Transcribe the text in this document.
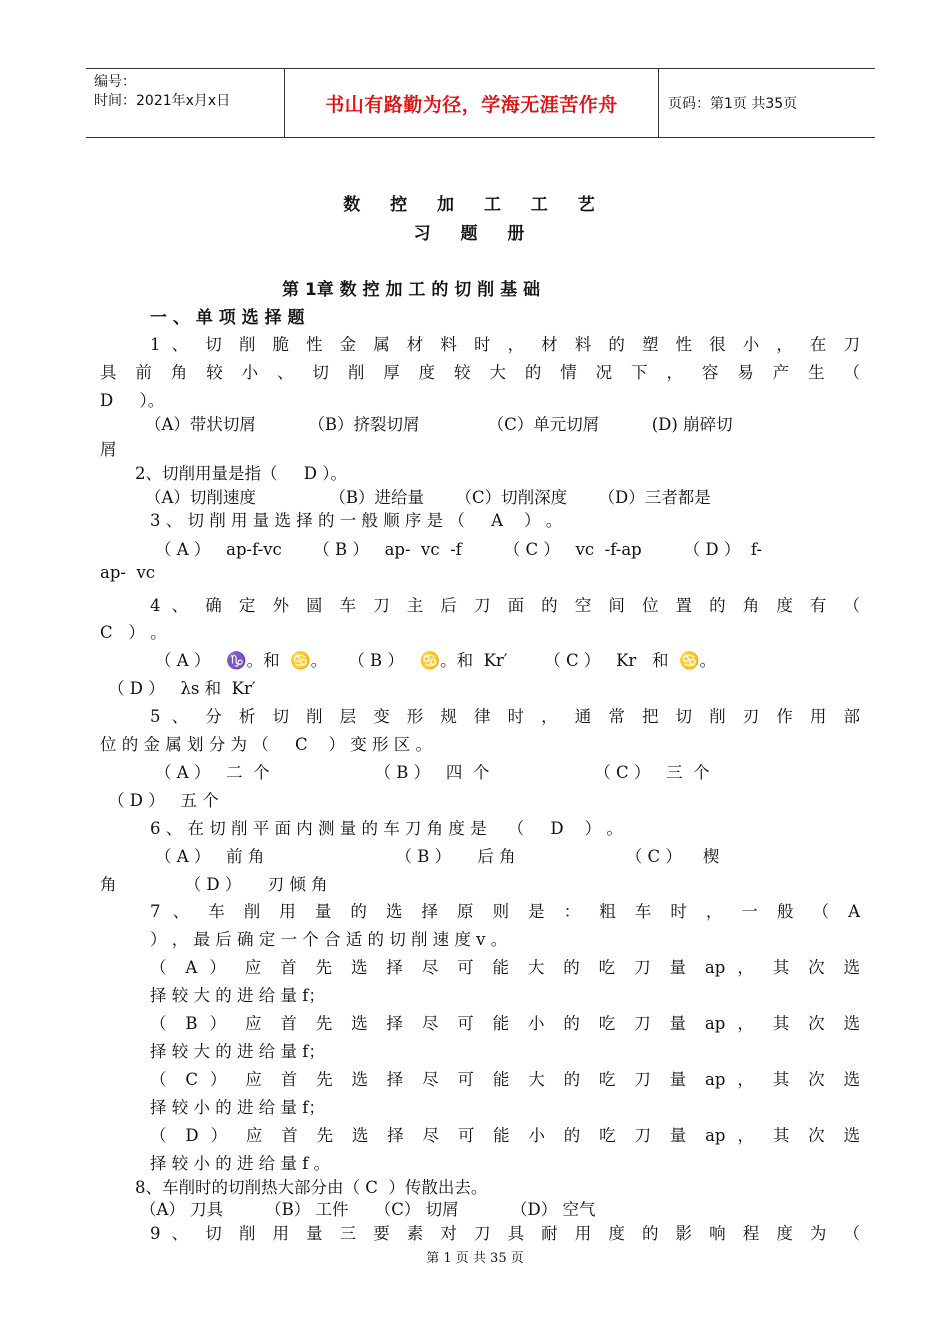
编号：
时间：2021年x月x日	书山有路勤为径，学海无涯苦作舟	页码：第1页 共35页
数 控 加 工 工 艺
习 题 册
第 1章 数 控 加 工 的 切 削 基 础
一 、 单 项 选 择 题
1 、 切 削 脆 性 金 属 材 料 时 ， 材 料 的 塑 性 很 小 ， 在 刀
具 前 角 较 小 、 切 削 厚 度 较 大 的 情 况 下 ， 容 易 产 生 （
D     ）。
（A）带状切屑          （B）挤裂切屑             （C）单元切屑          (D) 崩碎切
屑
2、切削用量是指（     D ）。
（A）切削速度              （B）进给量      （C）切削深度      （D）三者都是
3 、 切 削 用 量 选 择 的 一 般 顺 序 是 （     A    ） 。
（ A ）   ap-f-vc      （ B ）   ap-  vc  -f        （ C ）   vc  -f-ap        （ D ）  f-
ap-  vc
4 、 确 定 外 圆 车 刀 主 后 刀 面 的 空 间 位 置 的 角 度 有 （
C   ） 。
（ A ）   ♑。和  ♋。    （ B ）   ♋。和  Kr′       （ C ）   Kr   和  ♋。
（ D ）   λs 和  Kr′
5 、 分 析 切 削 层 变 形 规 律 时 ， 通 常 把 切 削 刃 作 用 部
位 的 金 属 划 分 为 （     C    ） 变 形 区 。
（ A ）   二  个                    （ B ）   四  个                    （ C ）   三  个
（ D ）   五 个
6 、 在 切 削 平 面 内 测 量 的 车 刀 角 度 是    （     D    ） 。
（ A ）   前 角                         （ B ）     后 角                     （ C ）    楔
角             （ D ）     刃 倾 角
7 、 车 削 用 量 的 选 择 原 则 是 ： 粗 车 时 ， 一 般 （ A
） ， 最 后 确 定 一 个 合 适 的 切 削 速 度 v 。
（ A ） 应 首 先 选 择 尽 可 能 大 的 吃 刀 量 ap ， 其 次 选
择 较 大 的 进 给 量 f；
（ B ） 应 首 先 选 择 尽 可 能 小 的 吃 刀 量 ap ， 其 次 选
择 较 大 的 进 给 量 f；
（ C ） 应 首 先 选 择 尽 可 能 大 的 吃 刀 量 ap ， 其 次 选
择 较 小 的 进 给 量 f；
（ D ） 应 首 先 选 择 尽 可 能 小 的 吃 刀 量 ap ， 其 次 选
择 较 小 的 进 给 量 f 。
8、车削时的切削热大部分由（ C  ）传散出去。
（A） 刀具        （B） 工件     （C） 切屑          （D） 空气
9 、 切 削 用 量 三 要 素 对 刀 具 耐 用 度 的 影 响 程 度 为 （
第 1 页 共 35 页
